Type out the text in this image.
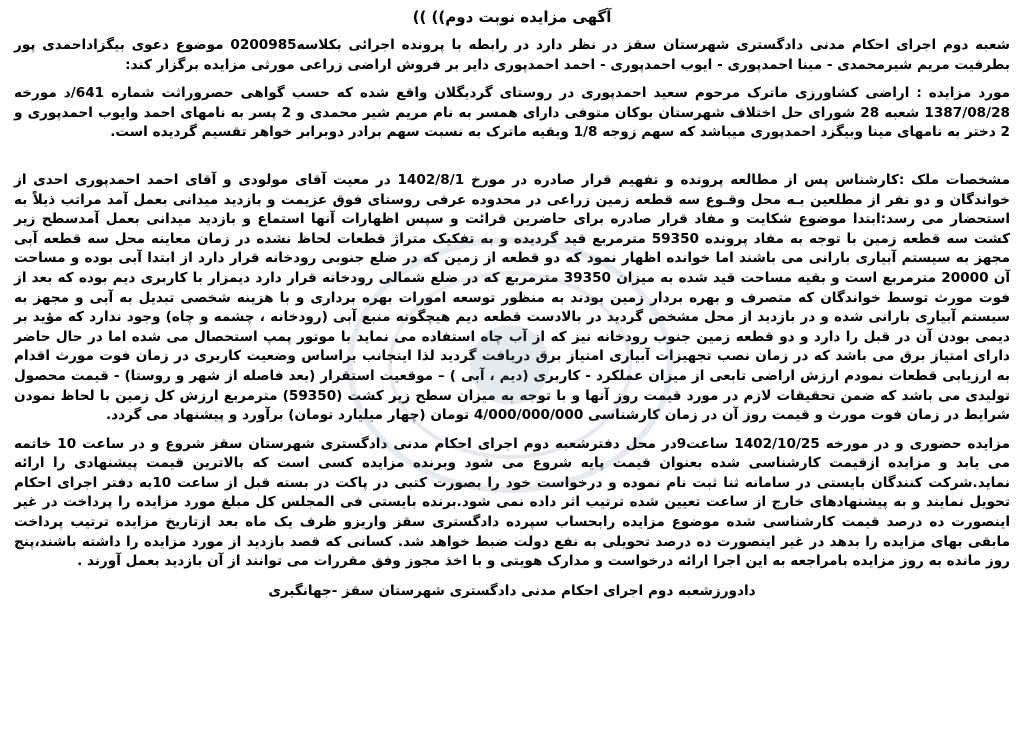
آگهی مزایده نوبت دوم)) ))

شعبه دوم اجرای احکام مدنی دادگستری شهرستان سقز در نظر دارد در رابطه با پرونده اجرائی بکلاسه0200985 موضوع دعوی بیگزاداحمدی پور بطرفیت مریم شیرمحمدی - مینا احمدپوری - ایوب احمدپوری - احمد احمدپوری دایر بر فروش اراضی زراعی مورثی مزایده برگزار کند:

مورد مزایده : اراضی کشاورزی ماترک مرحوم سعید احمدپوری در روستای گردیگلان واقع شده که حسب گواهی حصروراثت شماره 641/د مورخه 1387/08/28 شعبه 28 شورای حل اختلاف شهرستان بوکان متوفی دارای همسر به نام مریم شیر محمدی و 2 پسر به نامهای احمد وایوب احمدپوری و 2 دختر به نامهای مینا وبیگزد احمدپوری میباشد که سهم زوجه 1/8 وبقیه ماترک به نسبت سهم برادر دوبرابر خواهر تقسیم گردیده است.

مشخصات ملک :کارشناس پس از مطالعه پرونده و تفهیم قرار صادره در مورخ 1402/8/1 در معیت آقای مولودی و آقای احمد احمدپوری احدی از خواندگان و دو نفر از مطلعین بـه محل وقـوع سه قطعه زمین زراعی در محدوده عرفی روستای فوق عزیمت و بازدید میدانی بعمل آمد مراتب ذیلاً به استحضار می رسد:ابتدا موضوع شکایت و مفاد قرار صادره برای حاضرین قرائت و سپس اظهارات آنها استماع و بازدید میدانی بعمل آمدسطح زیر کشت سه قطعه زمین با توجه به مفاد پرونده 59350 مترمربع قید گردیده و به تفکیک متراژ قطعات لحاظ نشده در زمان معاینه محل سه قطعه آبی مجهز به سیستم آبیاری بارانی می باشند اما خوانده اظهار نمود که دو قطعه از زمین که در ضلع جنوبی رودخانه قرار دارد از ابتدا آبی بوده و مساحت آن 20000 مترمربع است و بقیه مساحت قید شده به میزان 39350 مترمربع که در ضلع شمالی رودخانه قرار دارد دیمزار با کاربری دیم بوده که بعد از فوت مورث توسط خواندگان که متصرف و بهره بردار زمین بودند به منظور توسعه امورات بهره برداری و با هزینه شخصی تبدیل به آبی و مجهز به سیستم آبیاری بارانی شده و در بازدید از محل مشخص گردید در بالادست قطعه دیم هیچگونه منبع آبی (رودخانه ، چشمه و چاه) وجود ندارد که مؤید بر دیمی بودن آن در قبل را دارد و دو قطعه زمین جنوب رودخانه نیز که از آب چاه استفاده می نماید با موتور پمپ استحصال می شده اما در حال حاضر دارای امتیاز برق می باشد که در زمان نصب تجهیزات آبیاری امتیاز برق دریافت گردید لذا اینجانب براساس وضعیت کاربری در زمان فوت مورث اقدام به ارزیابی قطعات نمودم ارزش اراضی تابعی از میزان عملکرد - کاربری (دیم ، آبی ) – موقعیت استقرار (بعد فاصله از شهر و روستا) - قیمت محصول تولیدی می باشد که ضمن تحقیقات لازم در مورد قیمت روز آنها و با توجه به میزان سطح زیر کشت (59350) مترمربع ارزش کل زمین با لحاظ نمودن شرایط در زمان فوت مورث و قیمت روز آن در زمان کارشناسی 4/000/000/000 تومان (چهار میلیارد تومان) برآورد و پیشنهاد می گردد.

مزایده حضوری و در مورخه 1402/10/25 ساعت9در محل دفترشعبه دوم اجرای احکام مدنی دادگستری شهرستان سقز شروع و در ساعت 10 خاتمه می یابد و مزایده ازقیمت کارشناسی شده بعنوان قیمت پایه شروع می شود وبرنده مزایده کسی است که بالاترین قیمت پیشنهادی را ارائه نماید.شرکت کنندگان بایستی در سامانه ثنا ثبت نام نموده و درخواست خود را بصورت کتبی در پاکت در بسته قبل از ساعت 10به دفتر اجرای احکام تحویل نمایند و به پیشنهادهای خارج از ساعت تعیین شده ترتیب اثر داده نمی شود.برنده بایستی فی المجلس کل مبلغ مورد مزایده را پرداخت در غیر اینصورت ده درصد قیمت کارشناسی شده موضوع مزایده رابحساب سپرده دادگستری سقز واریزو ظرف یک ماه بعد ازتاریخ مزایده ترتیب پرداخت مابقی بهای مزایده را بدهد در غیر اینصورت ده درصد تحویلی به نفع دولت ضبط خواهد شد. کسانی که قصد بازدید از مورد مزایده را داشته باشند،پنج روز مانده به روز مزایده بامراجعه به این اجرا ارائه درخواست و مدارک هویتی و با اخذ مجوز وفق مقررات می توانند از آن بازدید بعمل آورند .

دادورزشعبه دوم اجرای احکام مدنی دادگستری شهرستان سقز -جهانگیری
